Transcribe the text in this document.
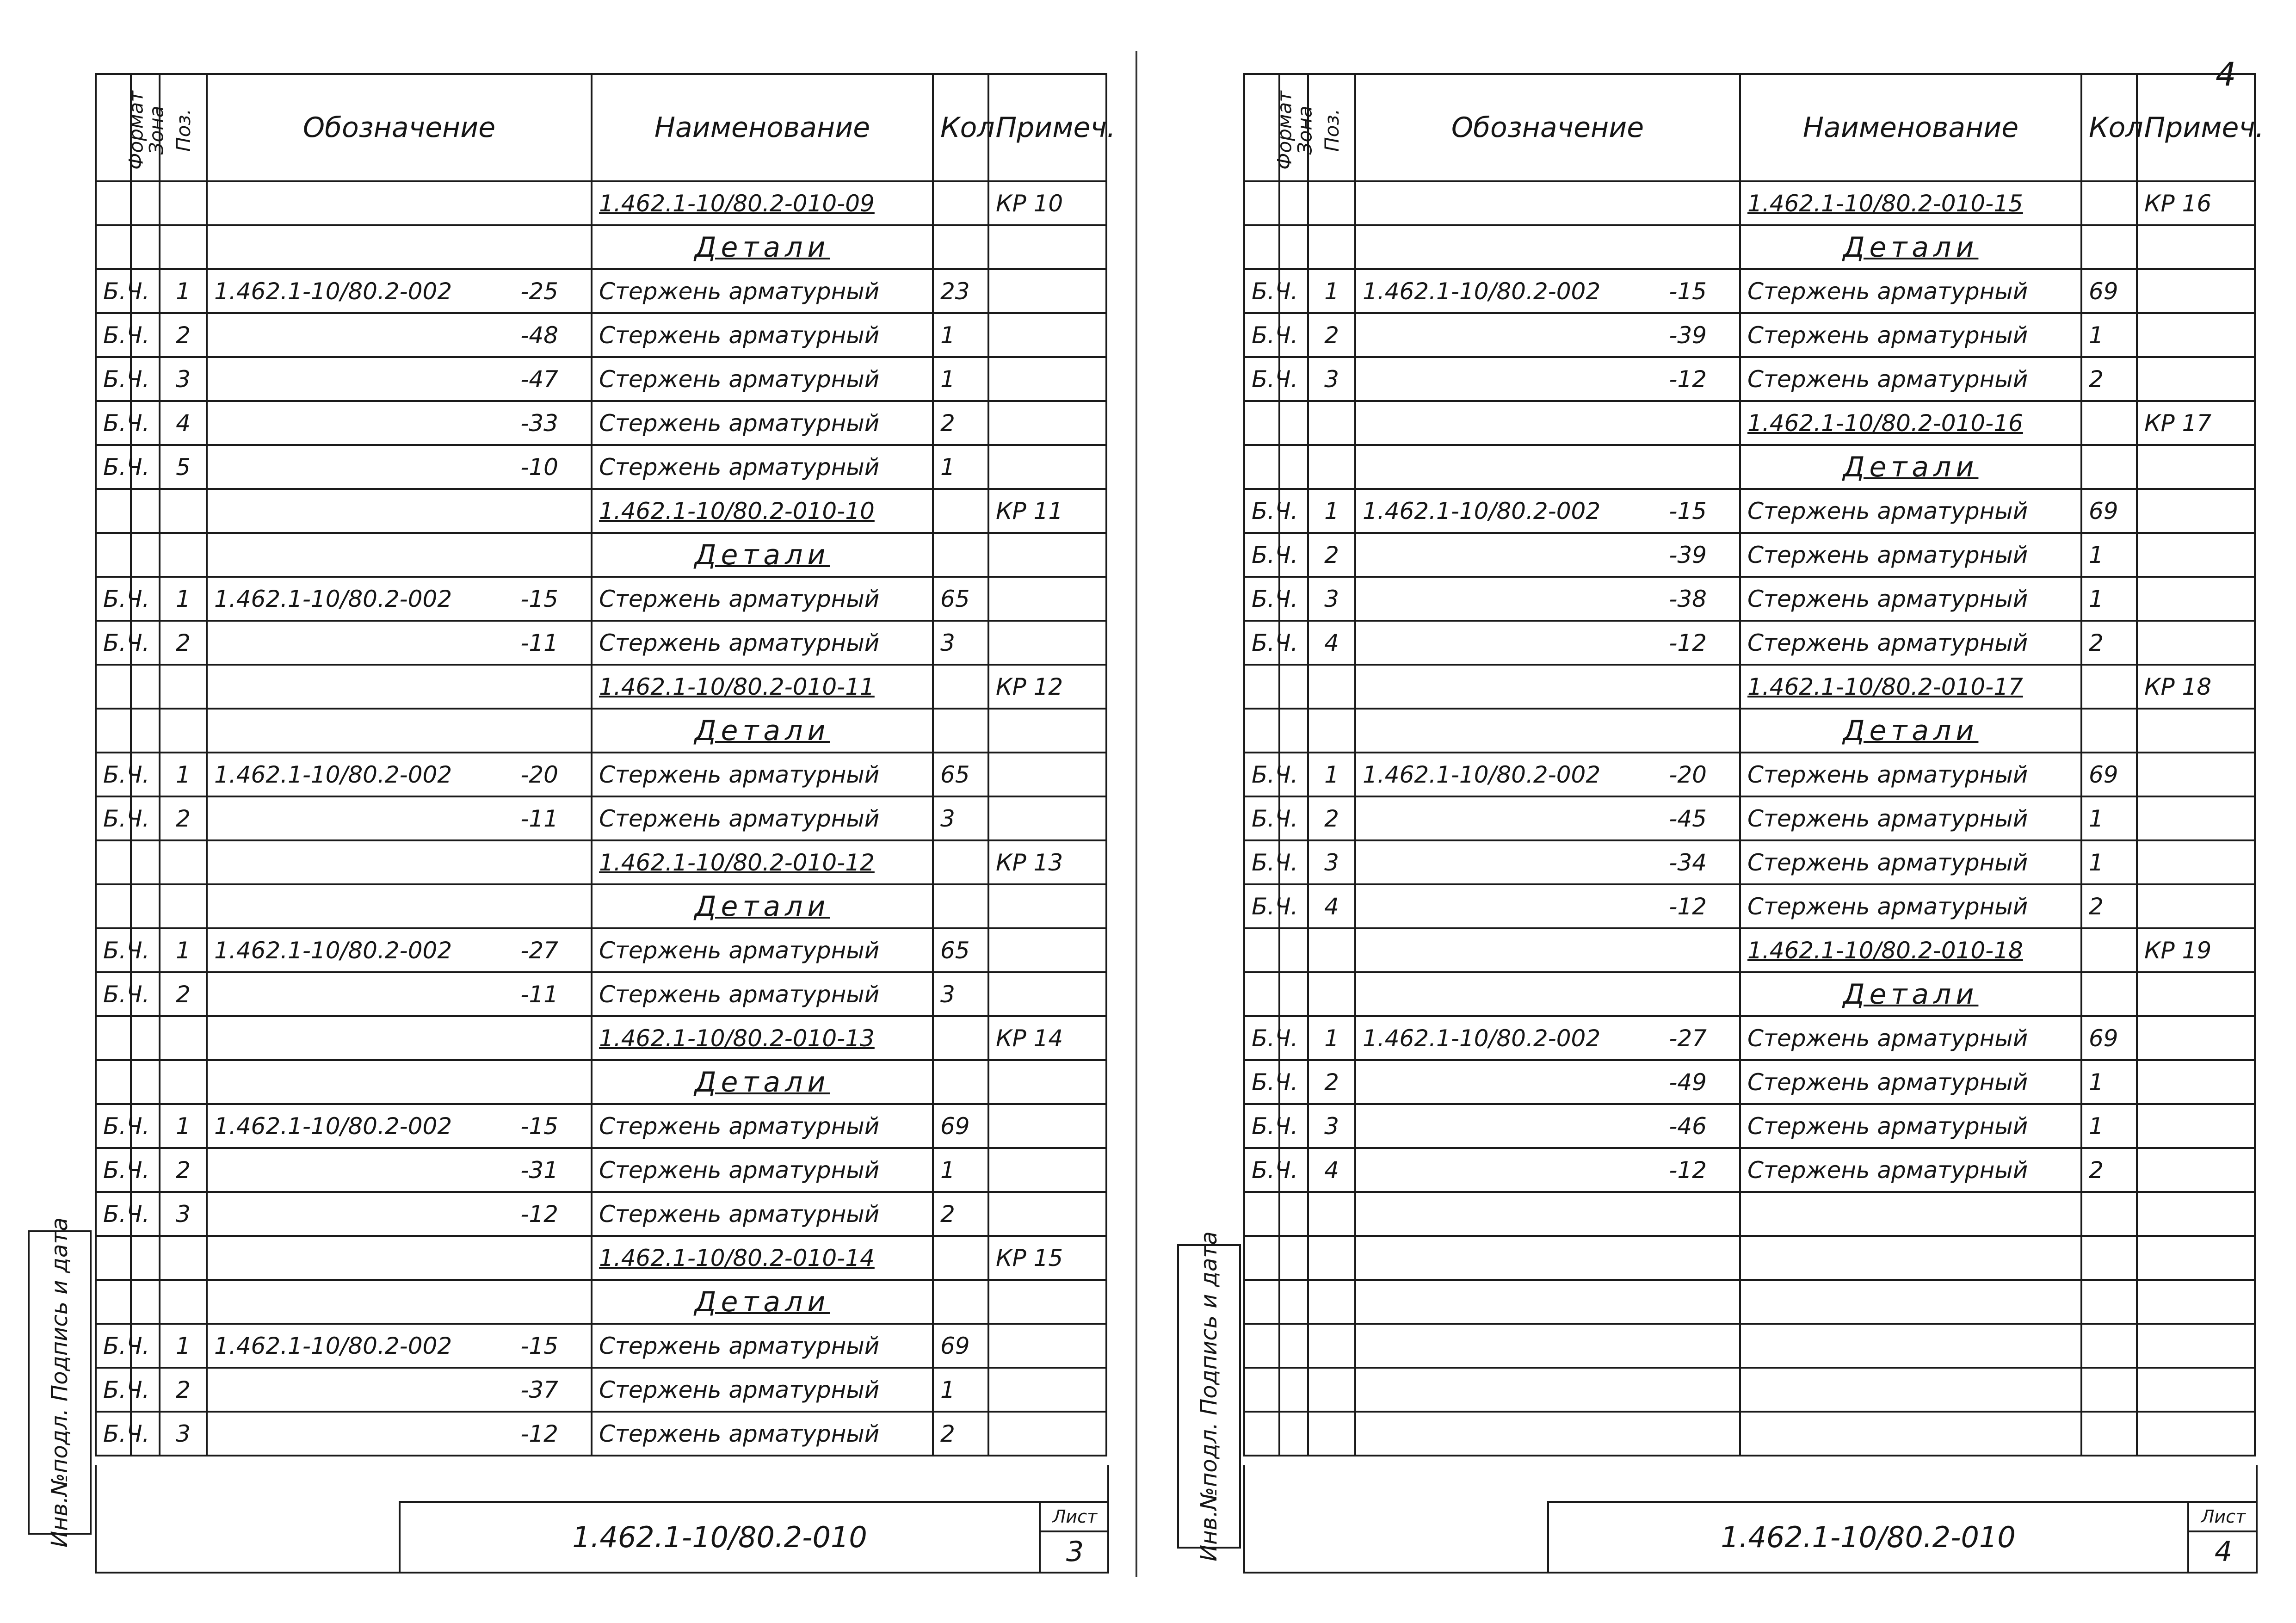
4
Формат	Зона	Поз.	Обозначение	Наименование	Кол.	Примеч.
				1.462.1-10/80.2-010-09		КР 10
				Детали		
Б.Ч.		1	1.462.1-10/80.2-002 -25	Стержень арматурный	23	
Б.Ч.		2	-48	Стержень арматурный	1	
Б.Ч.		3	-47	Стержень арматурный	1	
Б.Ч.		4	-33	Стержень арматурный	2	
Б.Ч.		5	-10	Стержень арматурный	1	
				1.462.1-10/80.2-010-10		КР 11
				Детали		
Б.Ч.		1	1.462.1-10/80.2-002 -15	Стержень арматурный	65	
Б.Ч.		2	-11	Стержень арматурный	3	
				1.462.1-10/80.2-010-11		КР 12
				Детали		
Б.Ч.		1	1.462.1-10/80.2-002 -20	Стержень арматурный	65	
Б.Ч.		2	-11	Стержень арматурный	3	
				1.462.1-10/80.2-010-12		КР 13
				Детали		
Б.Ч.		1	1.462.1-10/80.2-002 -27	Стержень арматурный	65	
Б.Ч.		2	-11	Стержень арматурный	3	
				1.462.1-10/80.2-010-13		КР 14
				Детали		
Б.Ч.		1	1.462.1-10/80.2-002 -15	Стержень арматурный	69	
Б.Ч.		2	-31	Стержень арматурный	1	
Б.Ч.		3	-12	Стержень арматурный	2	
				1.462.1-10/80.2-010-14		КР 15
				Детали		
Б.Ч.		1	1.462.1-10/80.2-002 -15	Стержень арматурный	69	
Б.Ч.		2	-37	Стержень арматурный	1	
Б.Ч.		3	-12	Стержень арматурный	2	
1.462.1-10/80.2-010
Лист
3
Формат	Зона	Поз.	Обозначение	Наименование	Кол.	Примеч.
				1.462.1-10/80.2-010-15		КР 16
				Детали		
Б.Ч.		1	1.462.1-10/80.2-002 -15	Стержень арматурный	69	
Б.Ч.		2	-39	Стержень арматурный	1	
Б.Ч.		3	-12	Стержень арматурный	2	
				1.462.1-10/80.2-010-16		КР 17
				Детали		
Б.Ч.		1	1.462.1-10/80.2-002 -15	Стержень арматурный	69	
Б.Ч.		2	-39	Стержень арматурный	1	
Б.Ч.		3	-38	Стержень арматурный	1	
Б.Ч.		4	-12	Стержень арматурный	2	
				1.462.1-10/80.2-010-17		КР 18
				Детали		
Б.Ч.		1	1.462.1-10/80.2-002 -20	Стержень арматурный	69	
Б.Ч.		2	-45	Стержень арматурный	1	
Б.Ч.		3	-34	Стержень арматурный	1	
Б.Ч.		4	-12	Стержень арматурный	2	
				1.462.1-10/80.2-010-18		КР 19
				Детали		
Б.Ч.		1	1.462.1-10/80.2-002 -27	Стержень арматурный	69	
Б.Ч.		2	-49	Стержень арматурный	1	
Б.Ч.		3	-46	Стержень арматурный	1	
Б.Ч.		4	-12	Стержень арматурный	2	

1.462.1-10/80.2-010
Лист
4
Инв.№подл. Подпись и дата	Инв.№подл. Подпись и дата
